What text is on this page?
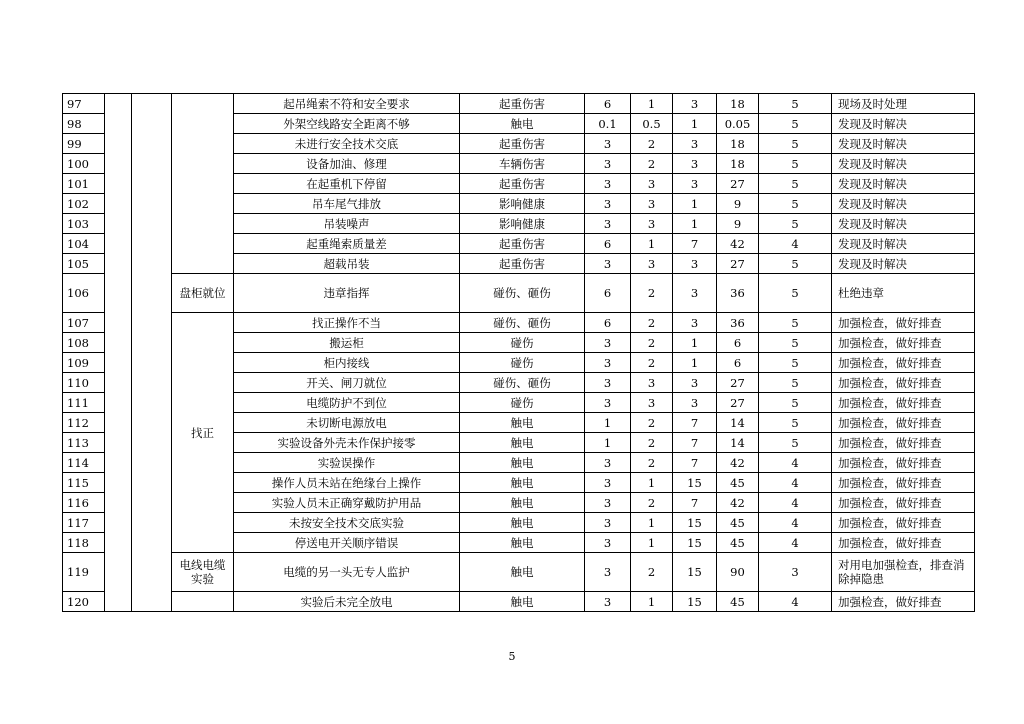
97				起吊绳索不符和安全要求	起重伤害	6	1	3	18	5	现场及时处理
98				外架空线路安全距离不够	触电	0.1	0.5	1	0.05	5	发现及时解决
99				未进行安全技术交底	起重伤害	3	2	3	18	5	发现及时解决
100				设备加油、修理	车辆伤害	3	2	3	18	5	发现及时解决
101				在起重机下停留	起重伤害	3	3	3	27	5	发现及时解决
102				吊车尾气排放	影响健康	3	3	1	9	5	发现及时解决
103				吊装噪声	影响健康	3	3	1	9	5	发现及时解决
104				起重绳索质量差	起重伤害	6	1	7	42	4	发现及时解决
105				超载吊装	起重伤害	3	3	3	27	5	发现及时解决
106			盘柜就位	违章指挥	碰伤、砸伤	6	2	3	36	5	杜绝违章
107			找正	找正操作不当	碰伤、砸伤	6	2	3	36	5	加强检查，做好排查
108				搬运柜	碰伤	3	2	1	6	5	加强检查，做好排查
109				柜内接线	碰伤	3	2	1	6	5	加强检查，做好排查
110				开关、闸刀就位	碰伤、砸伤	3	3	3	27	5	加强检查，做好排查
111				电缆防护不到位	碰伤	3	3	3	27	5	加强检查，做好排查
112				未切断电源放电	触电	1	2	7	14	5	加强检查，做好排查
113				实验设备外壳未作保护接零	触电	1	2	7	14	5	加强检查，做好排查
114				实验误操作	触电	3	2	7	42	4	加强检查，做好排查
115				操作人员未站在绝缘台上操作	触电	3	1	15	45	4	加强检查，做好排查
116				实验人员未正确穿戴防护用品	触电	3	2	7	42	4	加强检查，做好排查
117				未按安全技术交底实验	触电	3	1	15	45	4	加强检查，做好排查
118				停送电开关顺序错误	触电	3	1	15	45	4	加强检查，做好排查
119			电线电缆实验	电缆的另一头无专人监护	触电	3	2	15	90	3	对用电加强检查，排查消除掉隐患
120				实验后未完全放电	触电	3	1	15	45	4	加强检查，做好排查
5
